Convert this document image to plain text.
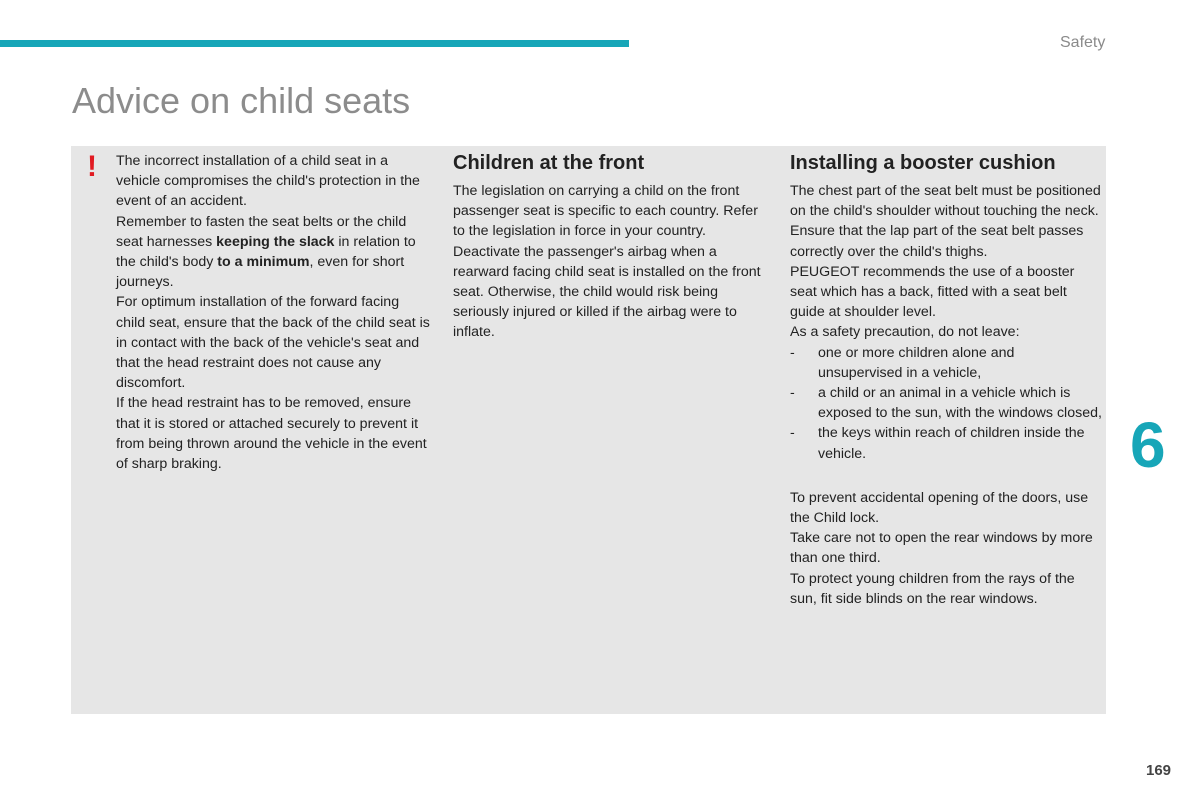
Safety
Advice on child seats
! The incorrect installation of a child seat in a vehicle compromises the child's protection in the event of an accident.

Remember to fasten the seat belts or the child seat harnesses keeping the slack in relation to the child's body to a minimum, even for short journeys.

For optimum installation of the forward facing child seat, ensure that the back of the child seat is in contact with the back of the vehicle's seat and that the head restraint does not cause any discomfort.

If the head restraint has to be removed, ensure that it is stored or attached securely to prevent it from being thrown around the vehicle in the event of sharp braking.

Children at the front

The legislation on carrying a child on the front passenger seat is specific to each country. Refer to the legislation in force in your country.

Deactivate the passenger's airbag when a rearward facing child seat is installed on the front seat. Otherwise, the child would risk being seriously injured or killed if the airbag were to inflate.

Installing a booster cushion

The chest part of the seat belt must be positioned on the child's shoulder without touching the neck.

Ensure that the lap part of the seat belt passes correctly over the child's thighs.

PEUGEOT recommends the use of a booster seat which has a back, fitted with a seat belt guide at shoulder level.

As a safety precaution, do not leave:

- one or more children alone and unsupervised in a vehicle,
- a child or an animal in a vehicle which is exposed to the sun, with the windows closed,
- the keys within reach of children inside the vehicle.

To prevent accidental opening of the doors, use the Child lock.

Take care not to open the rear windows by more than one third.

To protect young children from the rays of the sun, fit side blinds on the rear windows.

6
169
